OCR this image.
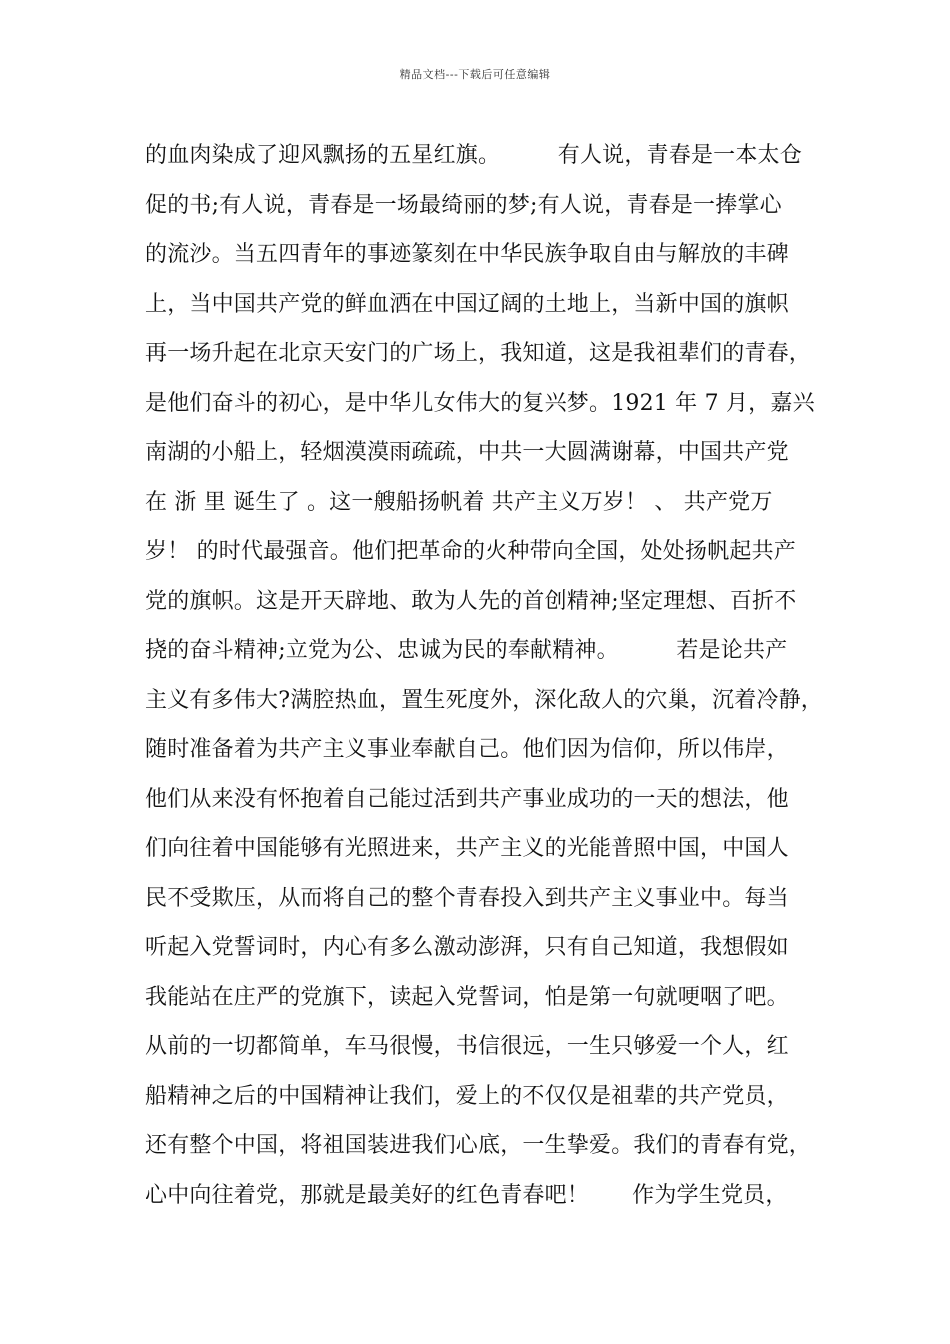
精品文档---下载后可任意编辑
的血肉染成了迎风飘扬的五星红旗。        有人说，青春是一本太仓
促的书;有人说，青春是一场最绮丽的梦;有人说，青春是一捧掌心
的流沙。当五四青年的事迹篆刻在中华民族争取自由与解放的丰碑
上，当中国共产党的鲜血洒在中国辽阔的土地上，当新中国的旗帜
再一场升起在北京天安门的广场上，我知道，这是我祖辈们的青春，
是他们奋斗的初心，是中华儿女伟大的复兴梦。1921 年 7 月，嘉兴
南湖的小船上，轻烟漠漠雨疏疏，中共一大圆满谢幕，中国共产党
在 浙 里 诞生了 。这一艘船扬帆着 共产主义万岁！ 、 共产党万
岁！ 的时代最强音。他们把革命的火种带向全国，处处扬帆起共产
党的旗帜。这是开天辟地、敢为人先的首创精神;坚定理想、百折不
挠的奋斗精神;立党为公、忠诚为民的奉献精神。        若是论共产
主义有多伟大?满腔热血，置生死度外，深化敌人的穴巢，沉着冷静，
随时准备着为共产主义事业奉献自己。他们因为信仰，所以伟岸，
他们从来没有怀抱着自己能过活到共产事业成功的一天的想法，他
们向往着中国能够有光照进来，共产主义的光能普照中国，中国人
民不受欺压，从而将自己的整个青春投入到共产主义事业中。每当
听起入党誓词时，内心有多么激动澎湃，只有自己知道，我想假如
我能站在庄严的党旗下，读起入党誓词，怕是第一句就哽咽了吧。
从前的一切都简单，车马很慢，书信很远，一生只够爱一个人，红
船精神之后的中国精神让我们，爱上的不仅仅是祖辈的共产党员，
还有整个中国，将祖国装进我们心底，一生挚爱。我们的青春有党，
心中向往着党，那就是最美好的红色青春吧！      作为学生党员，
